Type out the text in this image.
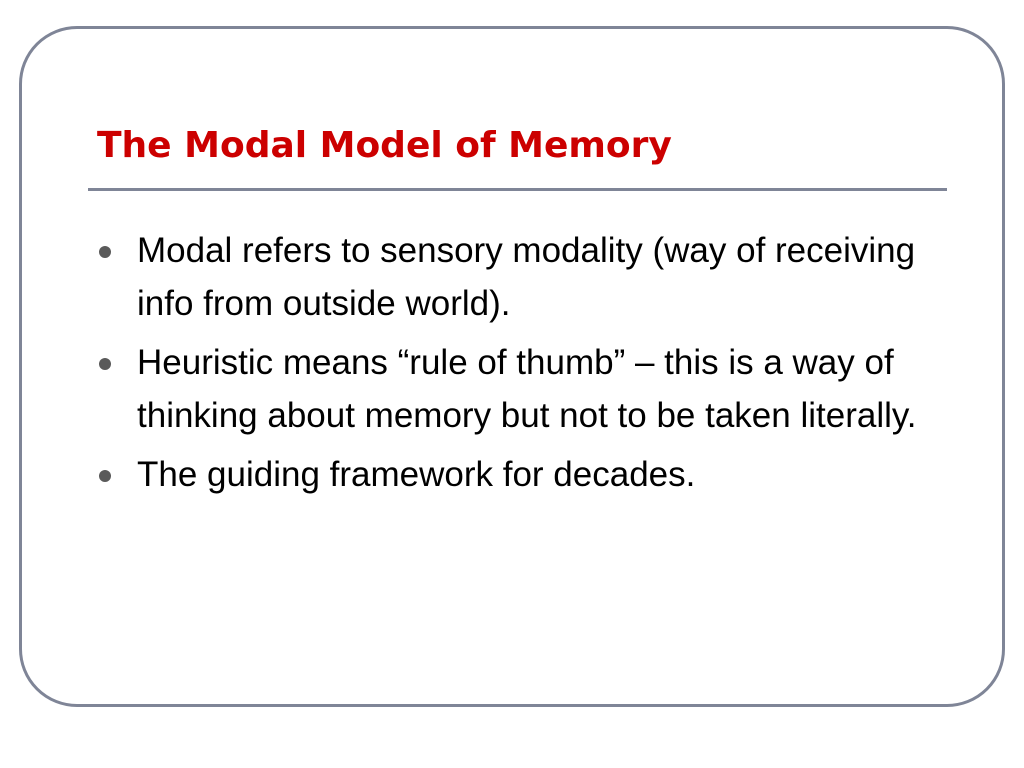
The Modal Model of Memory
Modal refers to sensory modality (way of receiving info from outside world).
Heuristic means “rule of thumb” – this is a way of thinking about memory but not to be taken literally.
The guiding framework for decades.
